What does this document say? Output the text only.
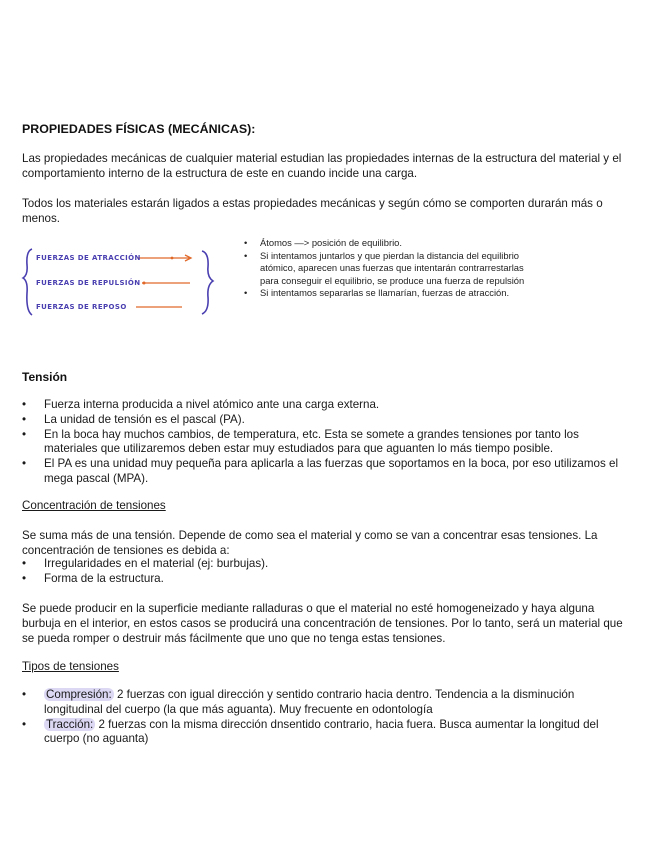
PROPIEDADES FÍSICAS (MECÁNICAS):
Las propiedades mecánicas de cualquier material estudian las propiedades internas de la estructura del material y el comportamiento interno de la estructura de este en cuando incide una carga.
Todos los materiales estarán ligados a estas propiedades mecánicas y según cómo se comporten durarán más o menos.
FUERZAS DE ATRACCIÓN
FUERZAS DE REPULSIÓN
FUERZAS DE REPOSO
• Átomos —> posición de equilibrio.
• Si intentamos juntarlos y que pierdan la distancia del equilibrio atómico, aparecen unas fuerzas que intentarán contrarrestarlas para conseguir el equilibrio, se produce una fuerza de repulsión
• Si intentamos separarlas se llamarían, fuerzas de atracción.
Tensión
• Fuerza interna producida a nivel atómico ante una carga externa.
• La unidad de tensión es el pascal (PA).
• En la boca hay muchos cambios, de temperatura, etc. Esta se somete a grandes tensiones por tanto los materiales que utilizaremos deben estar muy estudiados para que aguanten lo más tiempo posible.
• El PA es una unidad muy pequeña para aplicarla a las fuerzas que soportamos en la boca, por eso utilizamos el mega pascal (MPA).
Concentración de tensiones
Se suma más de una tensión. Depende de como sea el material y como se van a concentrar esas tensiones. La concentración de tensiones es debida a:
• Irregularidades en el material (ej: burbujas).
• Forma de la estructura.
Se puede producir en la superficie mediante ralladuras o que el material no esté homogeneizado y haya alguna burbuja en el interior, en estos casos se producirá una concentración de tensiones. Por lo tanto, será un material que se pueda romper o destruir más fácilmente que uno que no tenga estas tensiones.
Tipos de tensiones
• Compresión: 2 fuerzas con igual dirección y sentido contrario hacia dentro. Tendencia a la disminución longitudinal del cuerpo (la que más aguanta). Muy frecuente en odontología
• Tracción: 2 fuerzas con la misma dirección dnsentido contrario, hacia fuera. Busca aumentar la longitud del cuerpo (no aguanta)
